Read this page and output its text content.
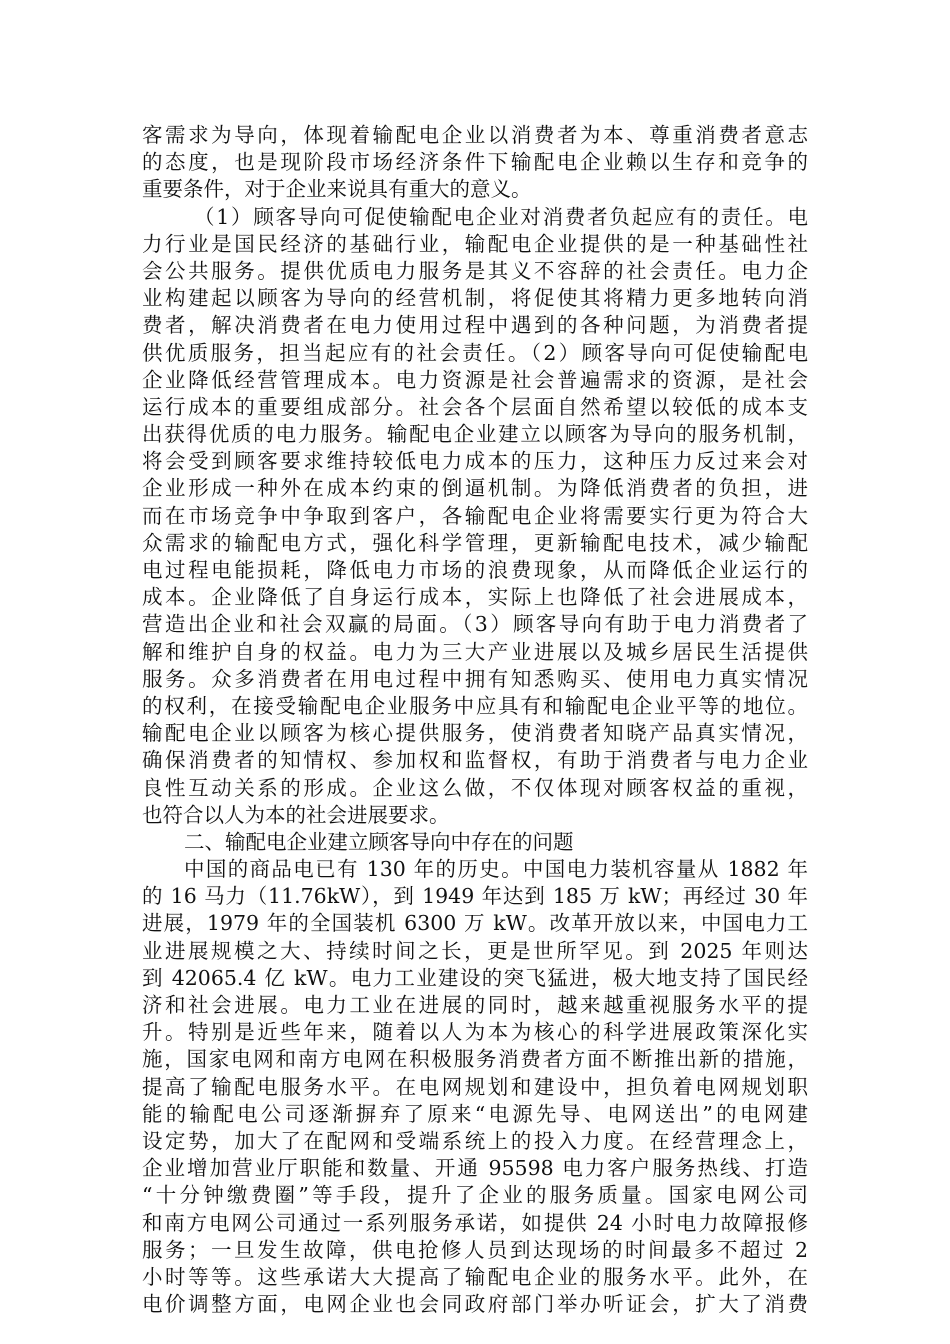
客需求为导向，体现着输配电企业以消费者为本、尊重消费者意志
的态度，也是现阶段市场经济条件下输配电企业赖以生存和竞争的
重要条件，对于企业来说具有重大的意义。
（1）顾客导向可促使输配电企业对消费者负起应有的责任。电
力行业是国民经济的基础行业，输配电企业提供的是一种基础性社
会公共服务。提供优质电力服务是其义不容辞的社会责任。电力企
业构建起以顾客为导向的经营机制，将促使其将精力更多地转向消
费者，解决消费者在电力使用过程中遇到的各种问题，为消费者提
供优质服务，担当起应有的社会责任。（2）顾客导向可促使输配电
企业降低经营管理成本。电力资源是社会普遍需求的资源，是社会
运行成本的重要组成部分。社会各个层面自然希望以较低的成本支
出获得优质的电力服务。输配电企业建立以顾客为导向的服务机制，
将会受到顾客要求维持较低电力成本的压力，这种压力反过来会对
企业形成一种外在成本约束的倒逼机制。为降低消费者的负担，进
而在市场竞争中争取到客户，各输配电企业将需要实行更为符合大
众需求的输配电方式，强化科学管理，更新输配电技术，减少输配
电过程电能损耗，降低电力市场的浪费现象，从而降低企业运行的
成本。企业降低了自身运行成本，实际上也降低了社会进展成本，
营造出企业和社会双赢的局面。（3）顾客导向有助于电力消费者了
解和维护自身的权益。电力为三大产业进展以及城乡居民生活提供
服务。众多消费者在用电过程中拥有知悉购买、使用电力真实情况
的权利，在接受输配电企业服务中应具有和输配电企业平等的地位。
输配电企业以顾客为核心提供服务，使消费者知晓产品真实情况，
确保消费者的知情权、参加权和监督权，有助于消费者与电力企业
良性互动关系的形成。企业这么做，不仅体现对顾客权益的重视，
也符合以人为本的社会进展要求。
二、输配电企业建立顾客导向中存在的问题
中国的商品电已有 130 年的历史。中国电力装机容量从 1882 年
的 16 马力（11.76kW），到 1949 年达到 185 万 kW；再经过 30 年
进展，1979 年的全国装机 6300 万 kW。改革开放以来，中国电力工
业进展规模之大、持续时间之长，更是世所罕见。到 2025 年则达
到 42065.4 亿 kW。电力工业建设的突飞猛进，极大地支持了国民经
济和社会进展。电力工业在进展的同时，越来越重视服务水平的提
升。特别是近些年来，随着以人为本为核心的科学进展政策深化实
施，国家电网和南方电网在积极服务消费者方面不断推出新的措施，
提高了输配电服务水平。在电网规划和建设中，担负着电网规划职
能的输配电公司逐渐摒弃了原来“电源先导、电网送出”的电网建
设定势，加大了在配网和受端系统上的投入力度。在经营理念上，
企业增加营业厅职能和数量、开通 95598 电力客户服务热线、打造
“十分钟缴费圈”等手段，提升了企业的服务质量。国家电网公司
和南方电网公司通过一系列服务承诺，如提供 24 小时电力故障报修
服务；一旦发生故障，供电抢修人员到达现场的时间最多不超过 2
小时等等。这些承诺大大提高了输配电企业的服务水平。此外，在
电价调整方面，电网企业也会同政府部门举办听证会，扩大了消费
